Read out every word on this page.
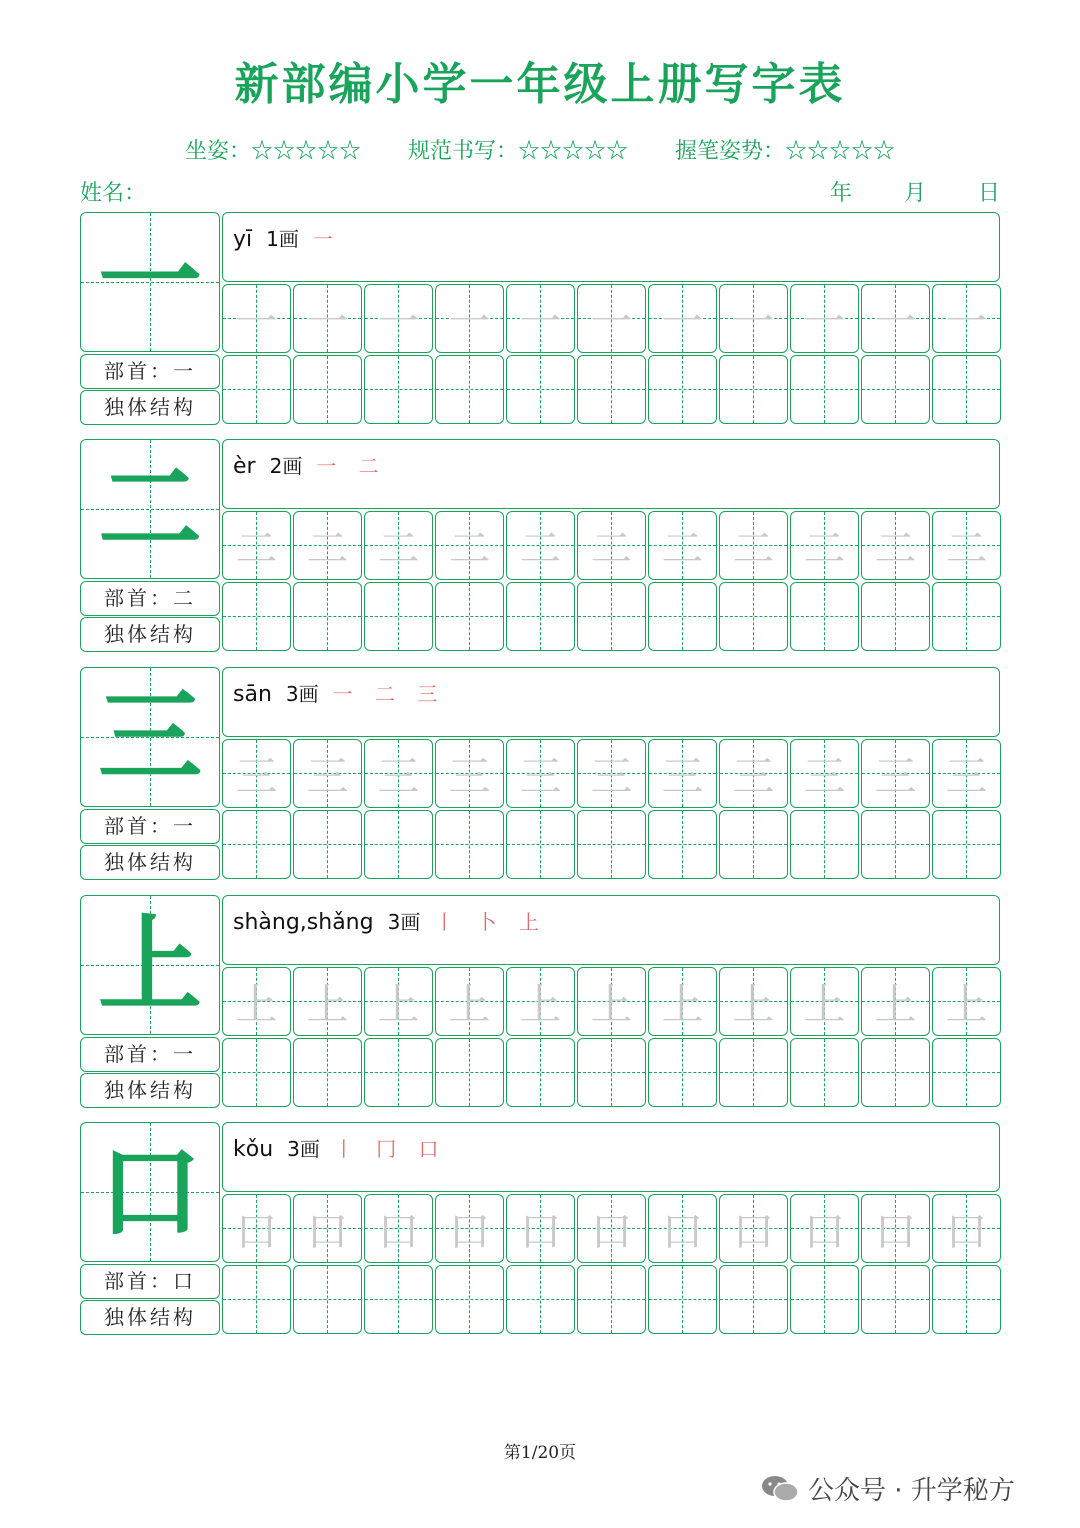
新部编小学一年级上册写字表
坐姿：☆☆☆☆☆ 规范书写：☆☆☆☆☆ 握笔姿势：☆☆☆☆☆
姓名：	年 月 日
一
部首：一
独体结构
yī 1画 一
一 一 一 一 一 一 一 一 一 一 一
二
部首：二
独体结构
èr 2画 一 二
二 二 二 二 二 二 二 二 二 二 二
三
部首：一
独体结构
sān 3画 一 二 三
三 三 三 三 三 三 三 三 三 三 三
上
部首：一
独体结构
shàng,shǎng 3画 丨 卜 上
上 上 上 上 上 上 上 上 上 上 上
口
部首：口
独体结构
kǒu 3画 丨 冂 口
口 口 口 口 口 口 口 口 口 口 口
第1/20页
公众号 · 升学秘方
